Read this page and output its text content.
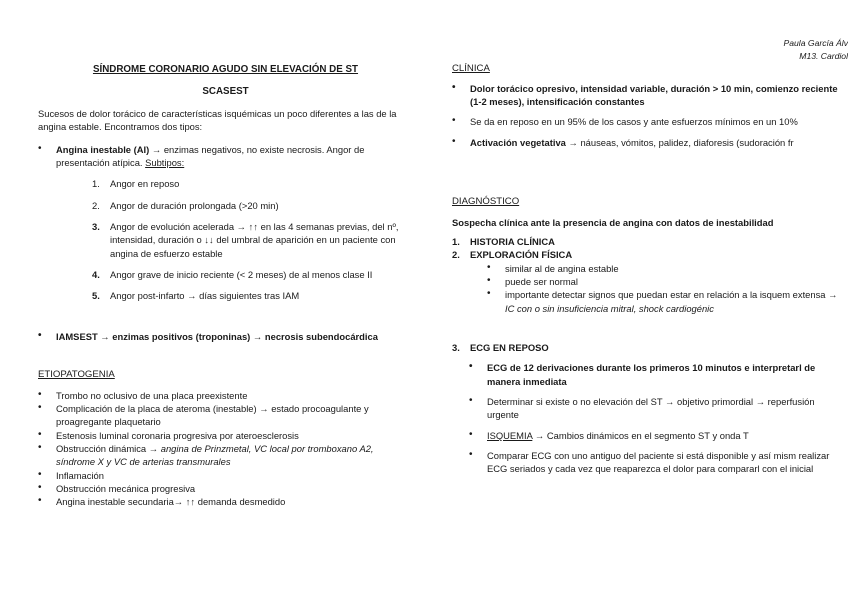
Paula García Álv
M13. Cardiol
SÍNDROME CORONARIO AGUDO SIN ELEVACIÓN DE ST
SCASEST

Sucesos de dolor torácico de características isquémicas un poco diferentes a las de la angina estable. Encontramos dos tipos:

• Angina inestable (AI) → enzimas negativos, no existe necrosis. Angor de presentación atípica. Subtipos:
1. Angor en reposo
2. Angor de duración prolongada (>20 min)
3. Angor de evolución acelerada → ↑↑ en las 4 semanas previas, del nº, intensidad, duración o ↓↓ del umbral de aparición en un paciente con angina de esfuerzo estable
4. Angor grave de inicio reciente (< 2 meses) de al menos clase II
5. Angor post-infarto → días siguientes tras IAM
• IAMSEST → enzimas positivos (troponinas) → necrosis subendocárdica
ETIOPATOGENIA
• Trombo no oclusivo de una placa preexistente
• Complicación de la placa de ateroma (inestable) → estado procoagulante y proagregante plaquetario
• Estenosis luminal coronaria progresiva por ateroesclerosis
• Obstrucción dinámica → angina de Prinzmetal, VC local por tromboxano A2, síndrome X y VC de arterias transmurales
• Inflamación
• Obstrucción mecánica progresiva
• Angina inestable secundaria→ ↑↑ demanda desmedido
CLÍNICA
• Dolor torácico opresivo, intensidad variable, duración > 10 min, comienzo reciente (1-2 meses), intensificación constantes
• Se da en reposo en un 95% de los casos y ante esfuerzos mínimos en un 10%
• Activación vegetativa → náuseas, vómitos, palidez, diaforesis (sudoración fr
DIAGNÓSTICO

Sospecha clínica ante la presencia de angina con datos de inestabilidad

1. HISTORIA CLÍNICA
2. EXPLORACIÓN FÍSICA
• similar al de angina estable
• puede ser normal
• importante detectar signos que puedan estar en relación a la isquem extensa → IC con o sin insuficiencia mitral, shock cardiogénic
3. ECG EN REPOSO
• ECG de 12 derivaciones durante los primeros 10 minutos e interpretarl de manera inmediata
• Determinar si existe o no elevación del ST → objetivo primordial → reperfusión urgente
• ISQUEMIA → Cambios dinámicos en el segmento ST y onda T
• Comparar ECG con uno antiguo del paciente si está disponible y así mism realizar ECG seriados y cada vez que reaparezca el dolor para compararl con el inicial
